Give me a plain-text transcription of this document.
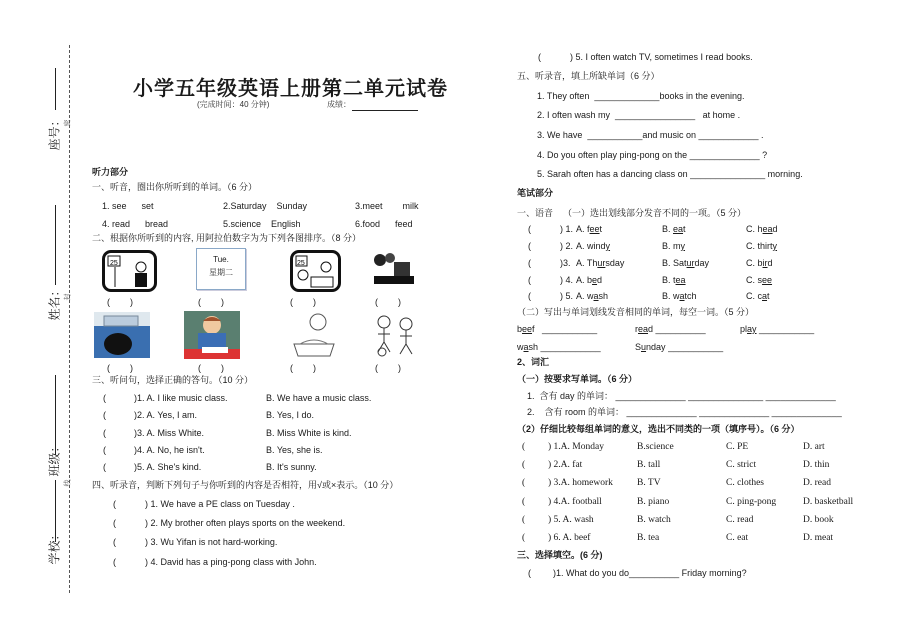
座号：
姓名：
班级：
学校：
密
封
线
25	Tue.
星期二
25
小学五年级英语上册第二单元试卷
(完成时间：40 分钟)	成绩：
听力部分
一、听音，圈出你所听到的单词。（6 分）
1. see      set	2.Saturday    Sunday	3.meet        milk
4. read      bread	5.science    English	6.food      feed
二、根据你所听到的内容, 用阿拉伯数字为为下列各图排序。（8 分）
(        )	(        )	(        )	(        )
(        )	(        )	(        )	(        )
三、听问句，选择正确的答句。（10 分）
(	)1. A. I like music class.	B. We have a music class.
(	)2. A. Yes, I am.	B. Yes, I do.
(	)3. A. Miss White.	B. Miss White is kind.
(	)4. A. No, he isn't.	B. Yes, she is.
(	)5. A. She's kind.	B. It's sunny.
四、听录音，判断下列句子与你听到的内容是否相符，用√或×表示。（10 分）
(	) 1. We have a PE class on Tuesday .
(	) 2. My brother often plays sports on the weekend.
(	) 3. Wu Yifan is not hard-working.
(	) 4. David has a ping-pong class with John.
(	) 5. I often watch TV, sometimes I read books.
五、听录音，填上所缺单词（6 分）
1. They often  _____________books in the evening.
2. I often wash my  ________________   at home .
3. We have  ___________and music on ____________ .
4. Do you often play ping-pong on the ______________ ?
5. Sarah often has a dancing class on _______________ morning.
笔试部分
一、语音    （一）选出划线部分发音不同的一项。（5 分）
(	) 1. A. feet	B. eat	C. head
(	) 2. A. windy	B. my	C. thirty
(	)3. A. Thursday	B. Saturday	C. bird
(	) 4. A. bed	B. tea	C. see
(	) 5. A. wash	B. watch	C. cat
（二）写出与单词划线发音相同的单词，每空一词。（5 分）
beef   ___________	read __________	play ___________
wash ____________	Sunday ___________
2、词汇
（一）按要求写单词。（6 分）
1.  含有 day 的单词： ______________ _______________ ______________
2.    含有 room 的单词： ______________ ______________ ______________
（2）仔细比较每组单词的意义，选出不同类的一项（填序号）。（6 分）
( ) 1.A. Monday	B.science	C. PE	D. art
( ) 2.A. fat	B. tall	C. strict	D. thin
( ) 3.A. homework	B. TV	C. clothes	D. read
( ) 4.A. football	B. piano	C. ping-pong	D. basketball
( ) 5. A. wash	B. watch	C. read	D. book
( ) 6. A. beef	B. tea	C. eat	D. meat
三、选择填空。(6 分)
( )1. What do you do__________ Friday morning?
